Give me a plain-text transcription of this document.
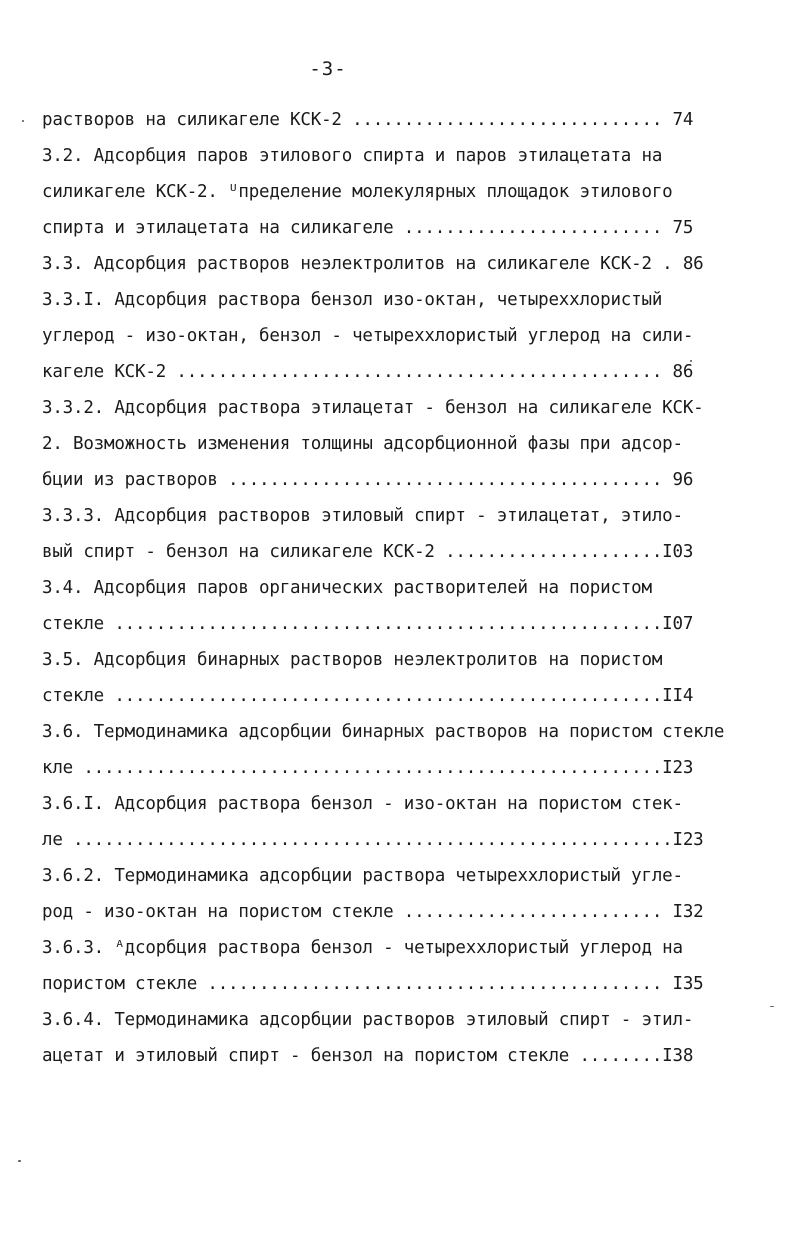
-3-
растворов на силикагеле КСК-2 .............................. 74
3.2. Адсорбция паров этилового спирта и паров этилацетата на
силикагеле КСК-2. ᵁпределение молекулярных площадок этилового
спирта и этилацетата на силикагеле ......................... 75
3.3. Адсорбция растворов неэлектролитов на силикагеле КСК-2 . 86
3.3.I. Адсорбция раствора бензол изо-октан, четыреххлористый
углерод - изо-октан, бензол - четыреххлористый углерод на сили-
кагеле КСК-2 ............................................... 86
3.3.2. Адсорбция раствора этилацетат - бензол на силикагеле КСК-
2. Возможность изменения толщины адсорбционной фазы при адсор-
бции из растворов .......................................... 96
3.3.3. Адсорбция растворов этиловый спирт - этилацетат, этило-
вый спирт - бензол на силикагеле КСК-2 .....................I03
3.4. Адсорбция паров органических растворителей на пористом
стекле .....................................................I07
3.5. Адсорбция бинарных растворов неэлектролитов на пористом
стекле .....................................................II4
3.6. Термодинамика адсорбции бинарных растворов на пористом стекле
кле ........................................................I23
3.6.I. Адсорбция раствора бензол - изо-октан на пористом стек-
ле ..........................................................I23
3.6.2. Термодинамика адсорбции раствора четыреххлористый угле-
род - изо-октан на пористом стекле ......................... I32
3.6.3. ᴬдсорбция раствора бензол - четыреххлористый углерод на
пористом стекле ............................................ I35
3.6.4. Термодинамика адсорбции растворов этиловый спирт - этил-
ацетат и этиловый спирт - бензол на пористом стекле ........I38
